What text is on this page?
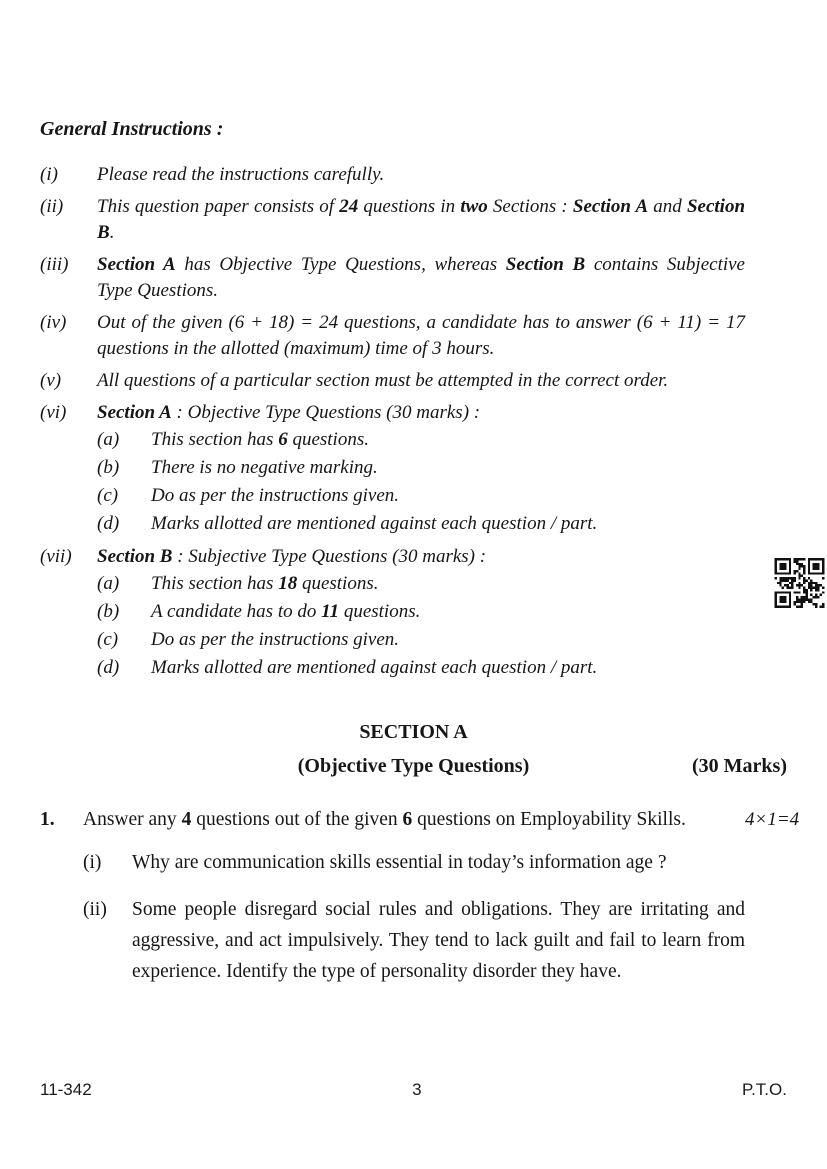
General Instructions :
(i)	Please read the instructions carefully.
(ii)	This question paper consists of 24 questions in two Sections : Section A and Section B.
(iii)	Section A has Objective Type Questions, whereas Section B contains Subjective Type Questions.
(iv)	Out of the given (6 + 18) = 24 questions, a candidate has to answer (6 + 11) = 17 questions in the allotted (maximum) time of 3 hours.
(v)	All questions of a particular section must be attempted in the correct order.
(vi)	Section A : Objective Type Questions (30 marks) :
(a)	This section has 6 questions.
(b)	There is no negative marking.
(c)	Do as per the instructions given.
(d)	Marks allotted are mentioned against each question / part.
(vii)	Section B : Subjective Type Questions (30 marks) :
(a)	This section has 18 questions.
(b)	A candidate has to do 11 questions.
(c)	Do as per the instructions given.
(d)	Marks allotted are mentioned against each question / part.
SECTION A
(Objective Type Questions)	(30 Marks)
1.	Answer any 4 questions out of the given 6 questions on Employability Skills.	4×1=4
(i)	Why are communication skills essential in today’s information age ?
(ii)	Some people disregard social rules and obligations. They are irritating and aggressive, and act impulsively. They tend to lack guilt and fail to learn from experience. Identify the type of personality disorder they have.
11-342	3	P.T.O.
